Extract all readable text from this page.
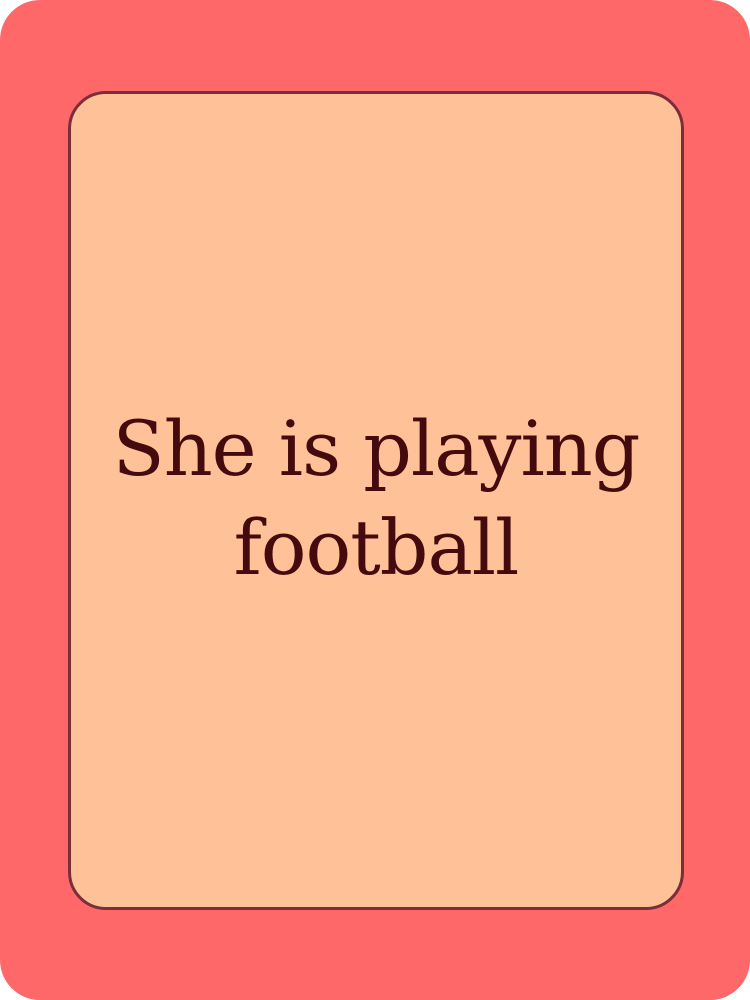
She is playing
football
